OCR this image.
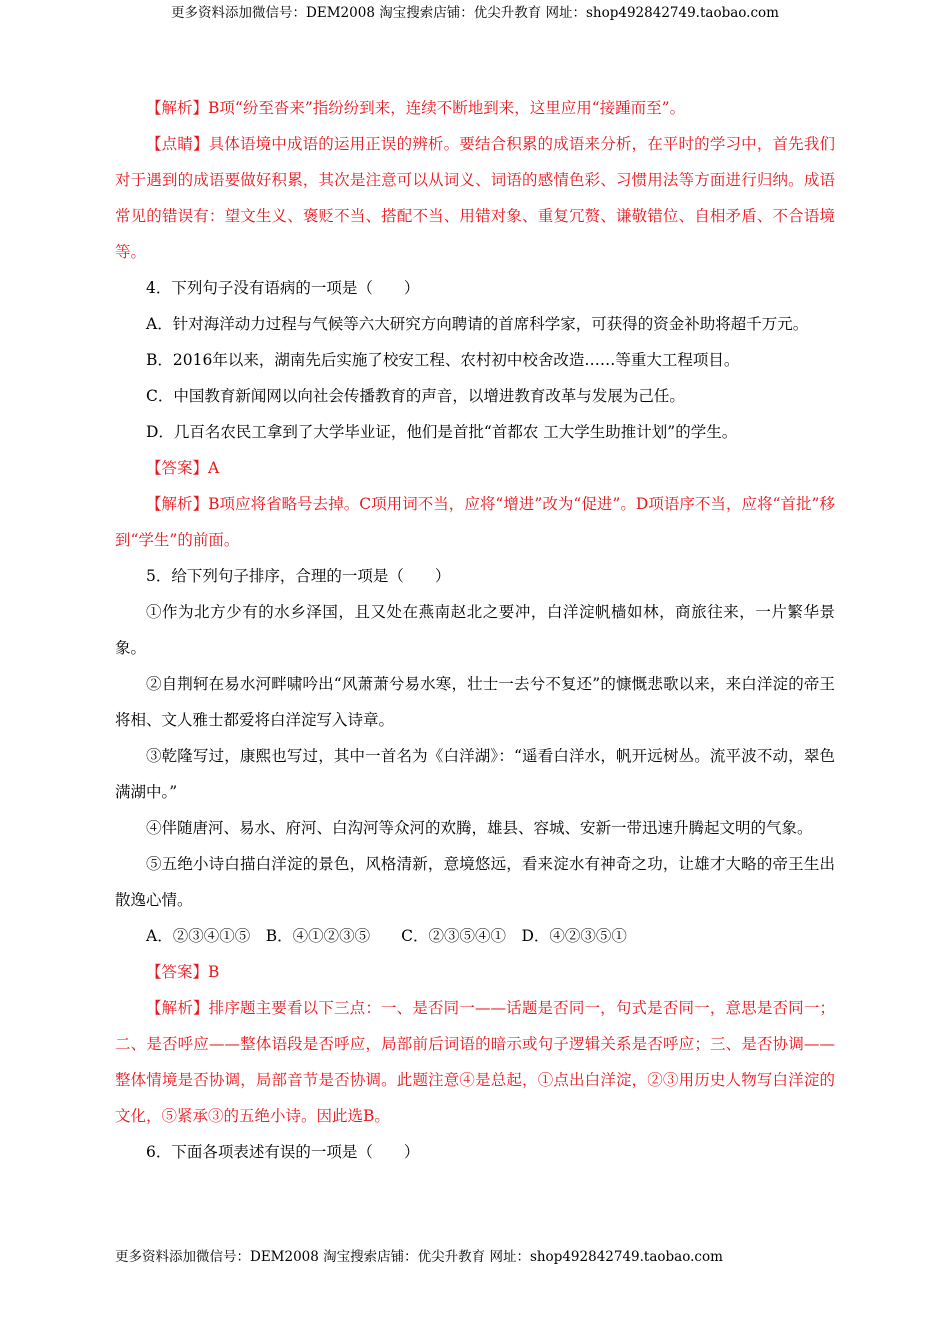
更多资料添加微信号：DEM2008 淘宝搜索店铺：优尖升教育 网址：shop492842749.taobao.com

【解析】B项“纷至沓来”指纷纷到来，连续不断地到来，这里应用“接踵而至”。

【点睛】具体语境中成语的运用正误的辨析。要结合积累的成语来分析，在平时的学习中，首先我们对于遇到的成语要做好积累，其次是注意可以从词义、词语的感情色彩、习惯用法等方面进行归纳。成语常见的错误有：望文生义、褒贬不当、搭配不当、用错对象、重复冗赘、谦敬错位、自相矛盾、不合语境等。

4．下列句子没有语病的一项是（　　）

A．针对海洋动力过程与气候等六大研究方向聘请的首席科学家，可获得的资金补助将超千万元。

B．2016年以来，湖南先后实施了校安工程、农村初中校舍改造……等重大工程项目。

C．中国教育新闻网以向社会传播教育的声音，以增进教育改革与发展为己任。

D．几百名农民工拿到了大学毕业证，他们是首批“首都农 工大学生助推计划”的学生。

【答案】A

【解析】B项应将省略号去掉。C项用词不当，应将“增进”改为“促进”。D项语序不当，应将“首批”移到“学生”的前面。

5．给下列句子排序，合理的一项是（　　）

①作为北方少有的水乡泽国，且又处在燕南赵北之要冲，白洋淀帆樯如林，商旅往来，一片繁华景象。

②自荆轲在易水河畔啸吟出“风萧萧兮易水寒，壮士一去兮不复还”的慷慨悲歌以来，来白洋淀的帝王将相、文人雅士都爱将白洋淀写入诗章。

③乾隆写过，康熙也写过，其中一首名为《白洋湖》：“遥看白洋水，帆开远树丛。流平波不动，翠色满湖中。”

④伴随唐河、易水、府河、白沟河等众河的欢腾，雄县、容城、安新一带迅速升腾起文明的气象。

⑤五绝小诗白描白洋淀的景色，风格清新，意境悠远，看来淀水有神奇之功，让雄才大略的帝王生出散逸心情。

A．②③④①⑤　B．④①②③⑤　　C．②③⑤④①　D．④②③⑤①

【答案】B

【解析】排序题主要看以下三点：一、是否同一——话题是否同一，句式是否同一，意思是否同一；二、是否呼应——整体语段是否呼应，局部前后词语的暗示或句子逻辑关系是否呼应；三、是否协调——整体情境是否协调，局部音节是否协调。此题注意④是总起，①点出白洋淀，②③用历史人物写白洋淀的文化，⑤紧承③的五绝小诗。因此选B。

6．下面各项表述有误的一项是（　　）

更多资料添加微信号：DEM2008 淘宝搜索店铺：优尖升教育 网址：shop492842749.taobao.com
